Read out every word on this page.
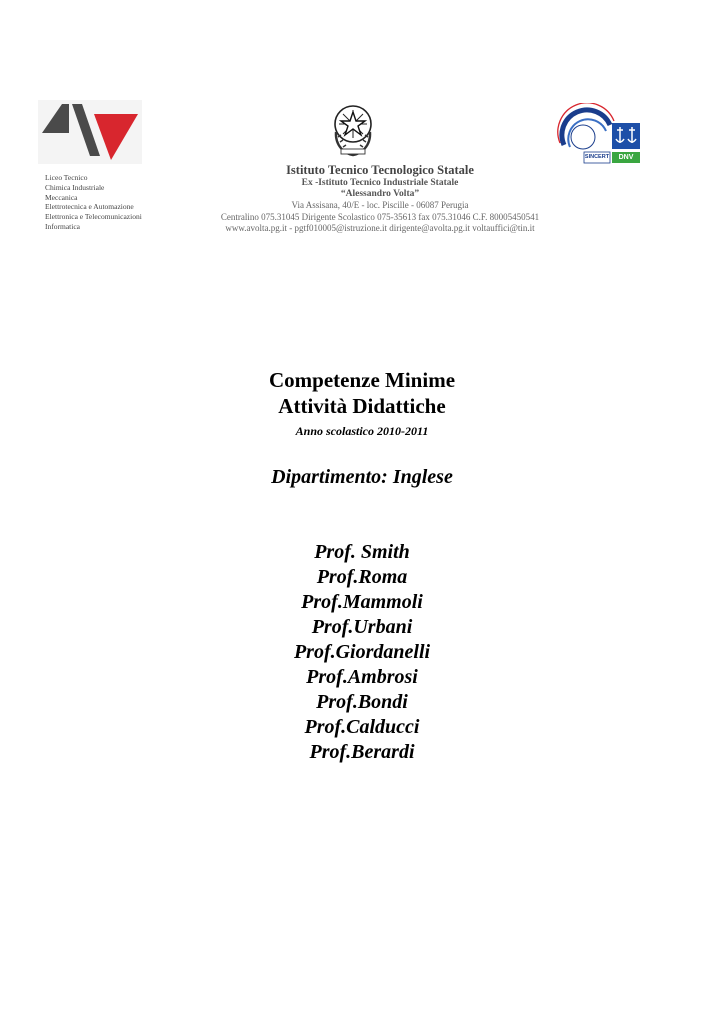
Liceo Tecnico
Chimica Industriale
Meccanica
Elettrotecnica e Automazione
Elettronica e Telecomunicazioni
Informatica
SINCERT	DNV
Istituto Tecnico Tecnologico Statale
Ex -Istituto Tecnico Industriale Statale
“Alessandro Volta”
Via Assisana, 40/E - loc. Piscille - 06087 Perugia
Centralino 075.31045 Dirigente Scolastico 075-35613 fax 075.31046 C.F. 80005450541
www.avolta.pg.it - pgtf010005@istruzione.it dirigente@avolta.pg.it voltauffici@tin.it
Competenze Minime
Attività Didattiche
Anno scolastico 2010-2011
Dipartimento: Inglese
Prof. Smith
Prof.Roma
Prof.Mammoli
Prof.Urbani
Prof.Giordanelli
Prof.Ambrosi
Prof.Bondi
Prof.Calducci
Prof.Berardi
